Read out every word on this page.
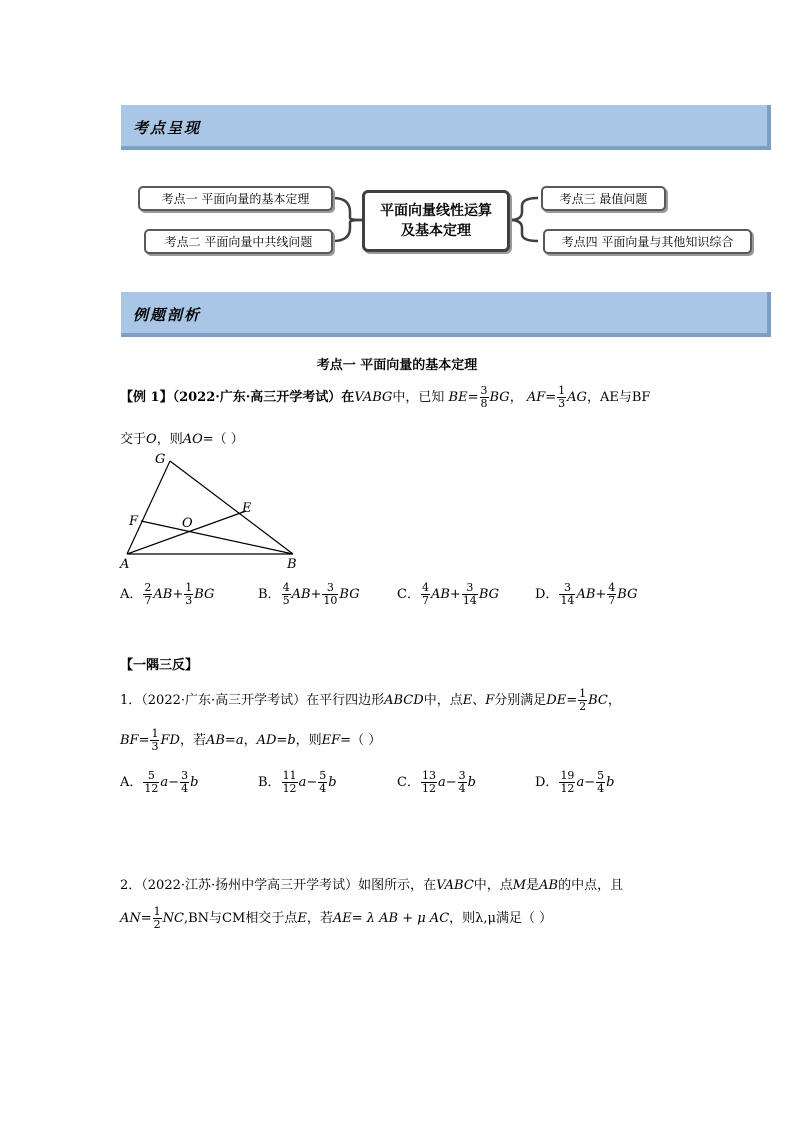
考点呈现
考点一 平面向量的基本定理
考点二 平面向量中共线问题
平面向量线性运算及基本定理
考点三 最值问题
考点四 平面向量与其他知识综合
例题剖析
考点一 平面向量的基本定理
【例 1】（2022·广东·高三开学考试）在VABG中，已知 $BE= \frac{3}{8}$ BG， $AF= \frac{1}{3}$ AG，AE与BF
交于O，则AO=（ ）
G
E
F	O
A	B
A． $\frac{2}{7} AB+ \frac{1}{3}$ BG	B． $\frac{4}{5} AB+ \frac{3}{10}$ BG	C． $\frac{4}{7} AB+ \frac{3}{14}$ BG	D． $\frac{3}{14} AB+ \frac{4}{7}$ BG
【一隅三反】
1．（2022·广东·高三开学考试）在平行四边形ABCD中，点E、F分别满足$DE= \frac{1}{2}$ BC，
$BF= \frac{1}{3}$ FD，若AB=a，AD=b，则EF=（ ）
A． $\frac{5}{12} a- \frac{3}{4}$ b	B． $\frac{11}{12} a- \frac{5}{4}$ b	C． $\frac{13}{12} a- \frac{3}{4}$ b	D． $\frac{19}{12} a- \frac{5}{4}$ b
2．（2022·江苏·扬州中学高三开学考试）如图所示，在VABC中，点M是AB的中点，且
$AN= \frac{1}{2} NC,BN$与CM相交于点E，若AE= λ AB + μ AC，则λ,μ满足（ ）
